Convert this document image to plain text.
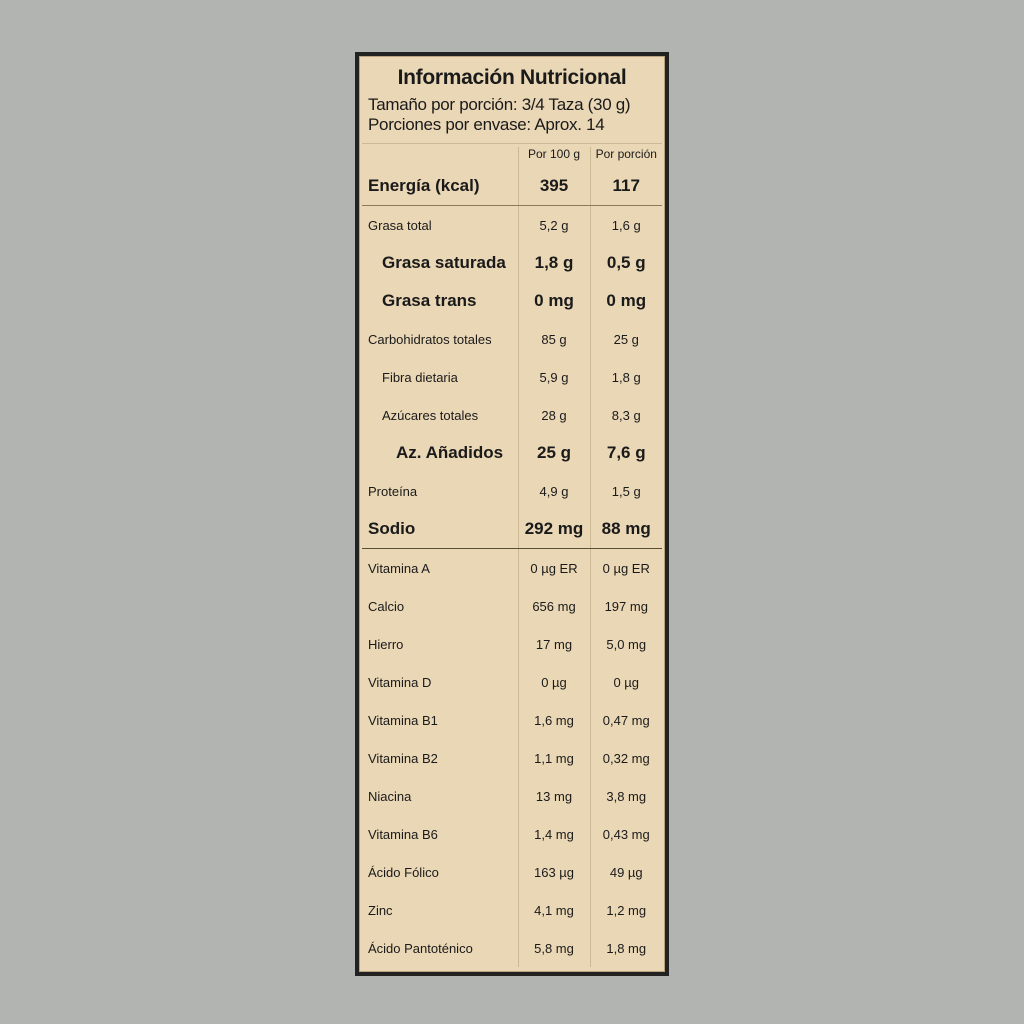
Información Nutricional
Tamaño por porción: 3/4 Taza (30 g)
Porciones por envase: Aprox. 14
	Por 100 g	Por porción
Energía (kcal)	395	117
Grasa total	5,2 g	1,6 g
Grasa saturada	1,8 g	0,5 g
Grasa trans	0 mg	0 mg
Carbohidratos totales	85 g	25 g
Fibra dietaria	5,9 g	1,8 g
Azúcares totales	28 g	8,3 g
Az. Añadidos	25 g	7,6 g
Proteína	4,9 g	1,5 g
Sodio	292 mg	88 mg
Vitamina A	0 µg ER	0 µg ER
Calcio	656 mg	197 mg
Hierro	17 mg	5,0 mg
Vitamina D	0 µg	0 µg
Vitamina B1	1,6 mg	0,47 mg
Vitamina B2	1,1 mg	0,32 mg
Niacina	13 mg	3,8 mg
Vitamina B6	1,4 mg	0,43 mg
Ácido Fólico	163 µg	49 µg
Zinc	4,1 mg	1,2 mg
Ácido Pantoténico	5,8 mg	1,8 mg
